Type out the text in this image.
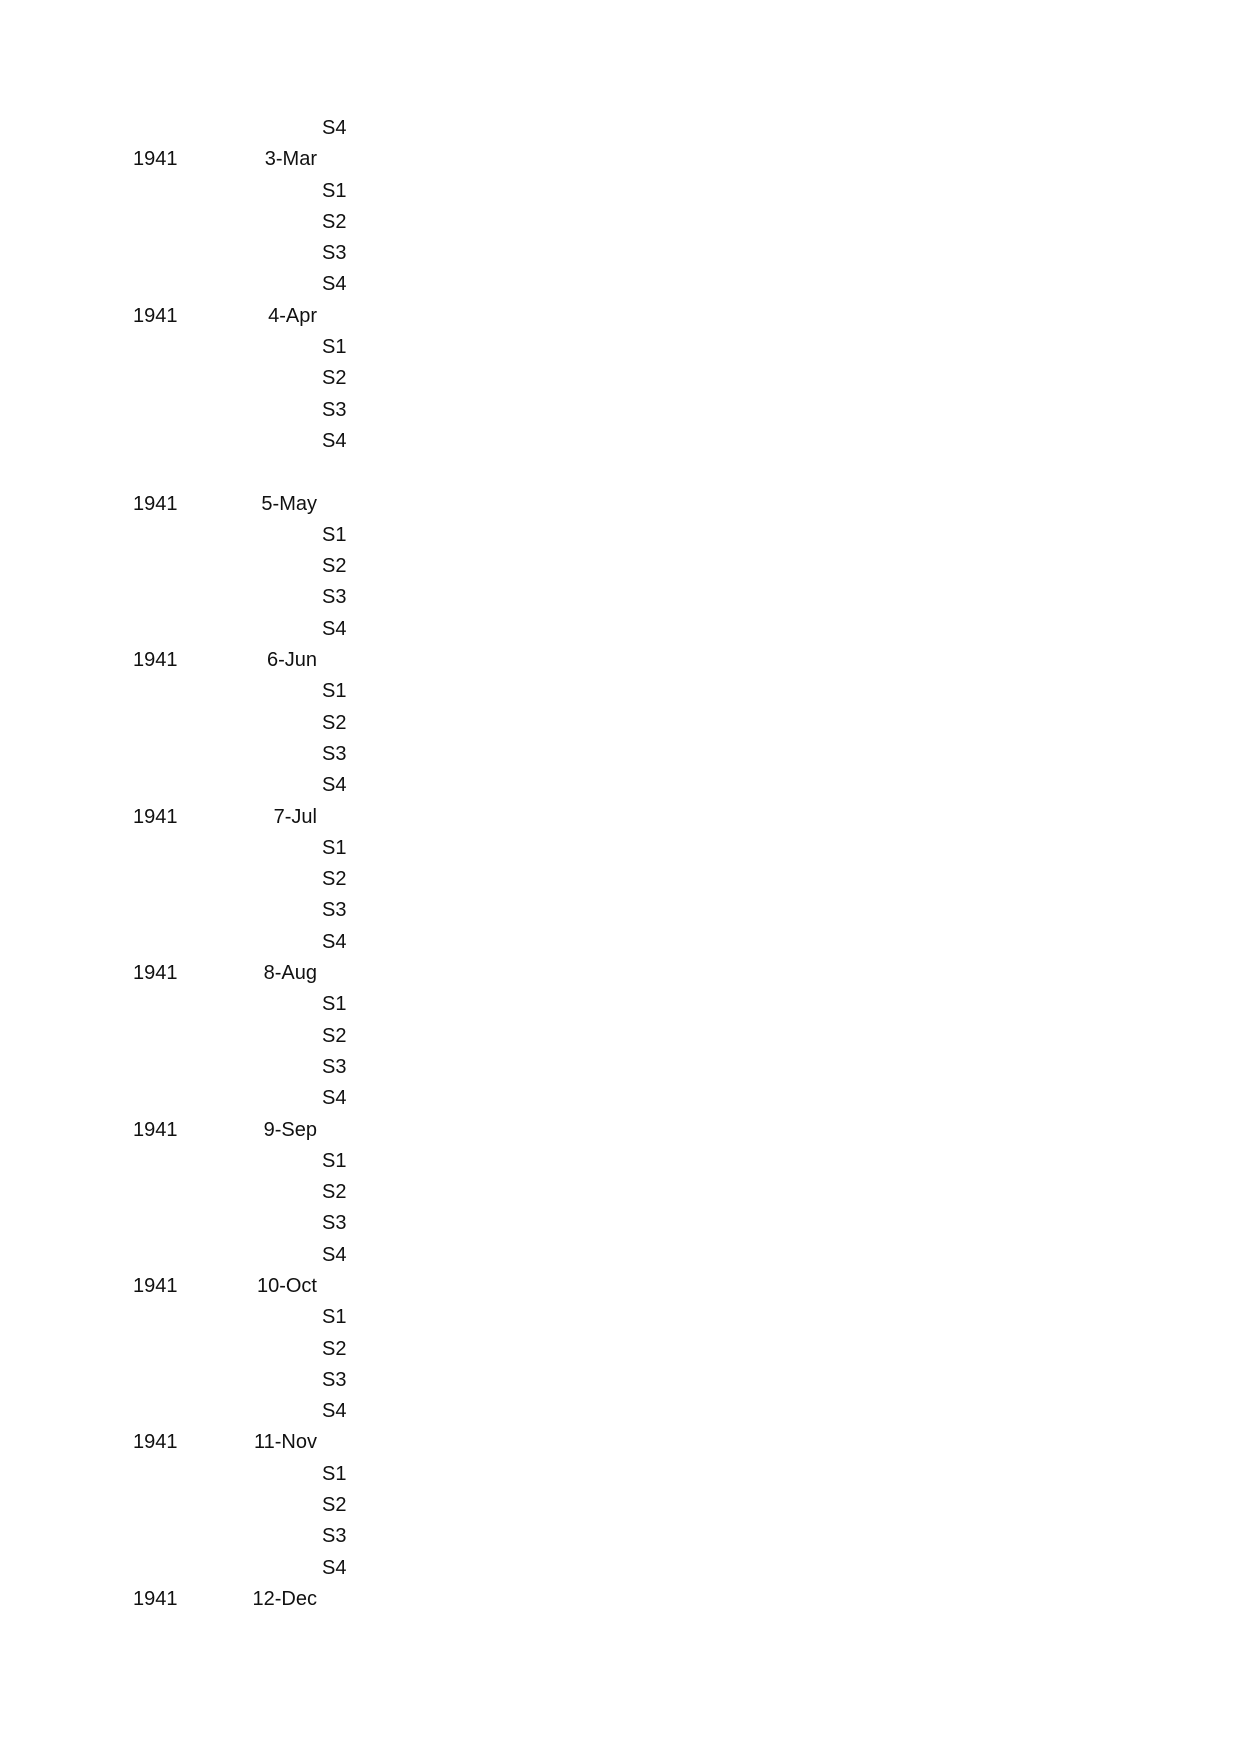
S4
1941	3-Mar
S1
S2
S3
S4
1941	4-Apr
S1
S2
S3
S4
1941	5-May
S1
S2
S3
S4
1941	6-Jun
S1
S2
S3
S4
1941	7-Jul
S1
S2
S3
S4
1941	8-Aug
S1
S2
S3
S4
1941	9-Sep
S1
S2
S3
S4
1941	10-Oct
S1
S2
S3
S4
1941	11-Nov
S1
S2
S3
S4
1941	12-Dec
